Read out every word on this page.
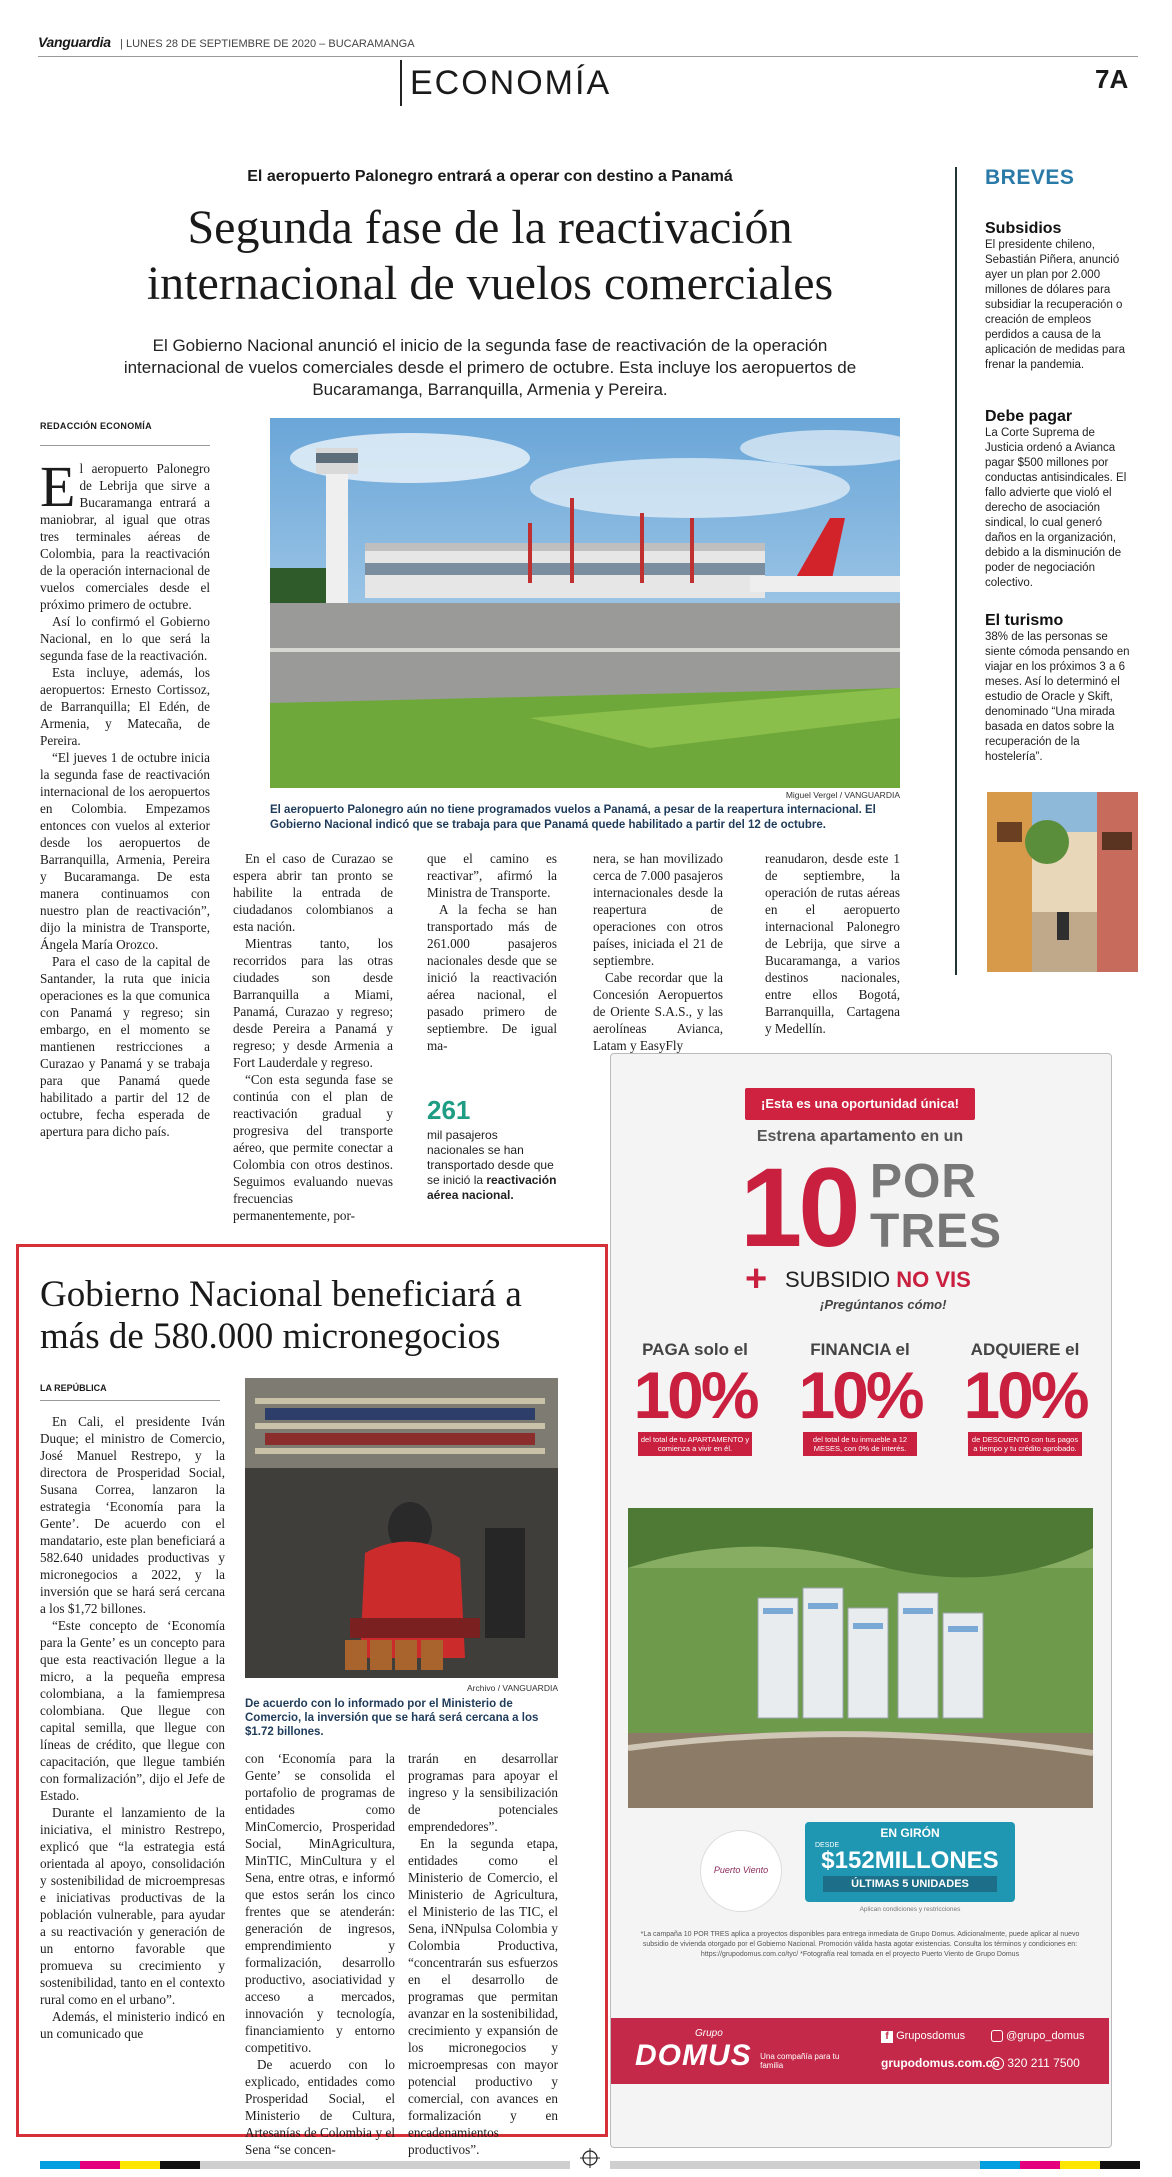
Vanguardia | LUNES 28 DE SEPTIEMBRE DE 2020 – BUCARAMANGA
ECONOMÍA	7A
El aeropuerto Palonegro entrará a operar con destino a Panamá
Segunda fase de la reactivación
internacional de vuelos comerciales
El Gobierno Nacional anunció el inicio de la segunda fase de reactivación de la operación internacional de vuelos comerciales desde el primero de octubre. Esta incluye los aeropuertos de Bucaramanga, Barranquilla, Armenia y Pereira.
REDACCIÓN ECONOMÍA
Miguel Vergel / VANGUARDIA
El aeropuerto Palonegro aún no tiene programados vuelos a Panamá, a pesar de la reapertura internacional. El Gobierno Nacional indicó que se trabaja para que Panamá quede habilitado a partir del 12 de octubre.
E l aeropuerto Palonegro de Lebrija que sirve a Bucaramanga entrará a maniobrar, al igual que otras tres terminales aéreas de Colombia, para la reactivación de la operación internacional de vuelos comerciales desde el próximo primero de octubre.

Así lo confirmó el Gobierno Nacional, en lo que será la segunda fase de la reactivación.

Esta incluye, además, los aeropuertos: Ernesto Cortissoz, de Barranquilla; El Edén, de Armenia, y Matecaña, de Pereira.

“El jueves 1 de octubre inicia la segunda fase de reactivación internacional de los aeropuertos en Colombia. Empezamos entonces con vuelos al exterior desde los aeropuertos de Barranquilla, Armenia, Pereira y Bucaramanga. De esta manera continuamos con nuestro plan de reactivación”, dijo la ministra de Transporte, Ángela María Orozco.

Para el caso de la capital de Santander, la ruta que inicia operaciones es la que comunica con Panamá y regreso; sin embargo, en el momento se mantienen restricciones a Curazao y Panamá y se trabaja para que Panamá quede habilitado a partir del 12 de octubre, fecha esperada de apertura para dicho país.

En el caso de Curazao se espera abrir tan pronto se habilite la entrada de ciudadanos colombianos a esta nación.

Mientras tanto, los recorridos para las otras ciudades son desde Barranquilla a Miami, Panamá, Curazao y regreso; desde Pereira a Panamá y regreso; y desde Armenia a Fort Lauderdale y regreso.

“Con esta segunda fase se continúa con el plan de reactivación gradual y progresiva del transporte aéreo, que permite conectar a Colombia con otros destinos. Seguimos evaluando nuevas frecuencias permanentemente, por-

que el camino es reactivar”, afirmó la Ministra de Transporte.

A la fecha se han transportado más de 261.000 pasajeros nacionales desde que se inició la reactivación aérea nacional, el pasado primero de septiembre. De igual ma-

nera, se han movilizado cerca de 7.000 pasajeros internacionales desde la reapertura de operaciones con otros países, iniciada el 21 de septiembre.

Cabe recordar que la Concesión Aeropuertos de Oriente S.A.S., y las aerolíneas Avianca, Latam y EasyFly

reanudaron, desde este 1 de septiembre, la operación de rutas aéreas en el aeropuerto internacional Palonegro de Lebrija, que sirve a Bucaramanga, a varios destinos nacionales, entre ellos Bogotá, Barranquilla, Cartagena y Medellín.

261
mil pasajeros nacionales se han transportado desde que se inició la reactivación aérea nacional.
BREVES
Subsidios
El presidente chileno, Sebastián Piñera, anunció ayer un plan por 2.000 millones de dólares para subsidiar la recuperación o creación de empleos perdidos a causa de la aplicación de medidas para frenar la pandemia.
Debe pagar
La Corte Suprema de Justicia ordenó a Avianca pagar $500 millones por conductas antisindicales. El fallo advierte que violó el derecho de asociación sindical, lo cual generó daños en la organización, debido a la disminución de poder de negociación colectivo.
El turismo
38% de las personas se siente cómoda pensando en viajar en los próximos 3 a 6 meses. Así lo determinó el estudio de Oracle y Skift, denominado “Una mirada basada en datos sobre la recuperación de la hostelería”.
Gobierno Nacional beneficiará a más de 580.000 micronegocios
LA REPÚBLICA
Archivo / VANGUARDIA
De acuerdo con lo informado por el Ministerio de Comercio, la inversión que se hará será cercana a los $1.72 billones.

En Cali, el presidente Iván Duque; el ministro de Comercio, José Manuel Restrepo, y la directora de Prosperidad Social, Susana Correa, lanzaron la estrategia ‘Economía para la Gente’. De acuerdo con el mandatario, este plan beneficiará a 582.640 unidades productivas y micronegocios a 2022, y la inversión que se hará será cercana a los $1,72 billones.

“Este concepto de ‘Economía para la Gente’ es un concepto para que esta reactivación llegue a la micro, a la pequeña empresa colombiana, a la famiempresa colombiana. Que llegue con capital semilla, que llegue con líneas de crédito, que llegue con capacitación, que llegue también con formalización”, dijo el Jefe de Estado.

Durante el lanzamiento de la iniciativa, el ministro Restrepo, explicó que “la estrategia está orientada al apoyo, consolidación y sostenibilidad de microempresas e iniciativas productivas de la población vulnerable, para ayudar a su reactivación y generación de un entorno favorable que promueva su crecimiento y sostenibilidad, tanto en el contexto rural como en el urbano”.

Además, el ministerio indicó en un comunicado que

con ‘Economía para la Gente’ se consolida el portafolio de programas de entidades como MinComercio, Prosperidad Social, MinAgricultura, MinTIC, MinCultura y el Sena, entre otras, e informó que estos serán los cinco frentes que se atenderán: generación de ingresos, emprendimiento y formalización, desarrollo productivo, asociatividad y acceso a mercados, innovación y tecnología, financiamiento y entorno competitivo.

De acuerdo con lo explicado, entidades como Prosperidad Social, el Ministerio de Cultura, Artesanías de Colombia y el Sena “se concen-

trarán en desarrollar programas para apoyar el ingreso y la sensibilización de potenciales emprendedores”.

En la segunda etapa, entidades como el Ministerio de Comercio, el Ministerio de Agricultura, el Ministerio de las TIC, el Sena, iNNpulsa Colombia y Colombia Productiva, “concentrarán sus esfuerzos en el desarrollo de programas que permitan avanzar en la sostenibilidad, crecimiento y expansión de los micronegocios y microempresas con mayor potencial productivo y comercial, con avances en formalización y en encadenamientos productivos”.

¡Esta es una oportunidad única!
Estrena apartamento en un
10 POR
TRES
+ SUBSIDIO NO VIS
¡Pregúntanos cómo!
PAGA solo el
10%
del total de tu APARTAMENTO y comienza a vivir en él.
FINANCIA el
10%
del total de tu inmueble a 12 MESES, con 0% de interés.
ADQUIERE el
10%
de DESCUENTO con tus pagos a tiempo y tu crédito aprobado.
Puerto Viento
EN GIRÓN
DESDE
$152MILLONES
ÚLTIMAS 5 UNIDADES
Aplican condiciones y restricciones
*La campaña 10 POR TRES aplica a proyectos disponibles para entrega inmediata de Grupo Domus. Adicionalmente, puede aplicar al nuevo subsidio de vivienda otorgado por el Gobierno Nacional. Promoción válida hasta agotar existencias. Consulta los términos y condiciones en: https://grupodomus.com.co/tyc/ *Fotografía real tomada en el proyecto Puerto Viento de Grupo Domus
Grupo
DOMUS Una compañía para tu familia
f Gruposdomus	@grupo_domus
grupodomus.com.co 320 211 7500
